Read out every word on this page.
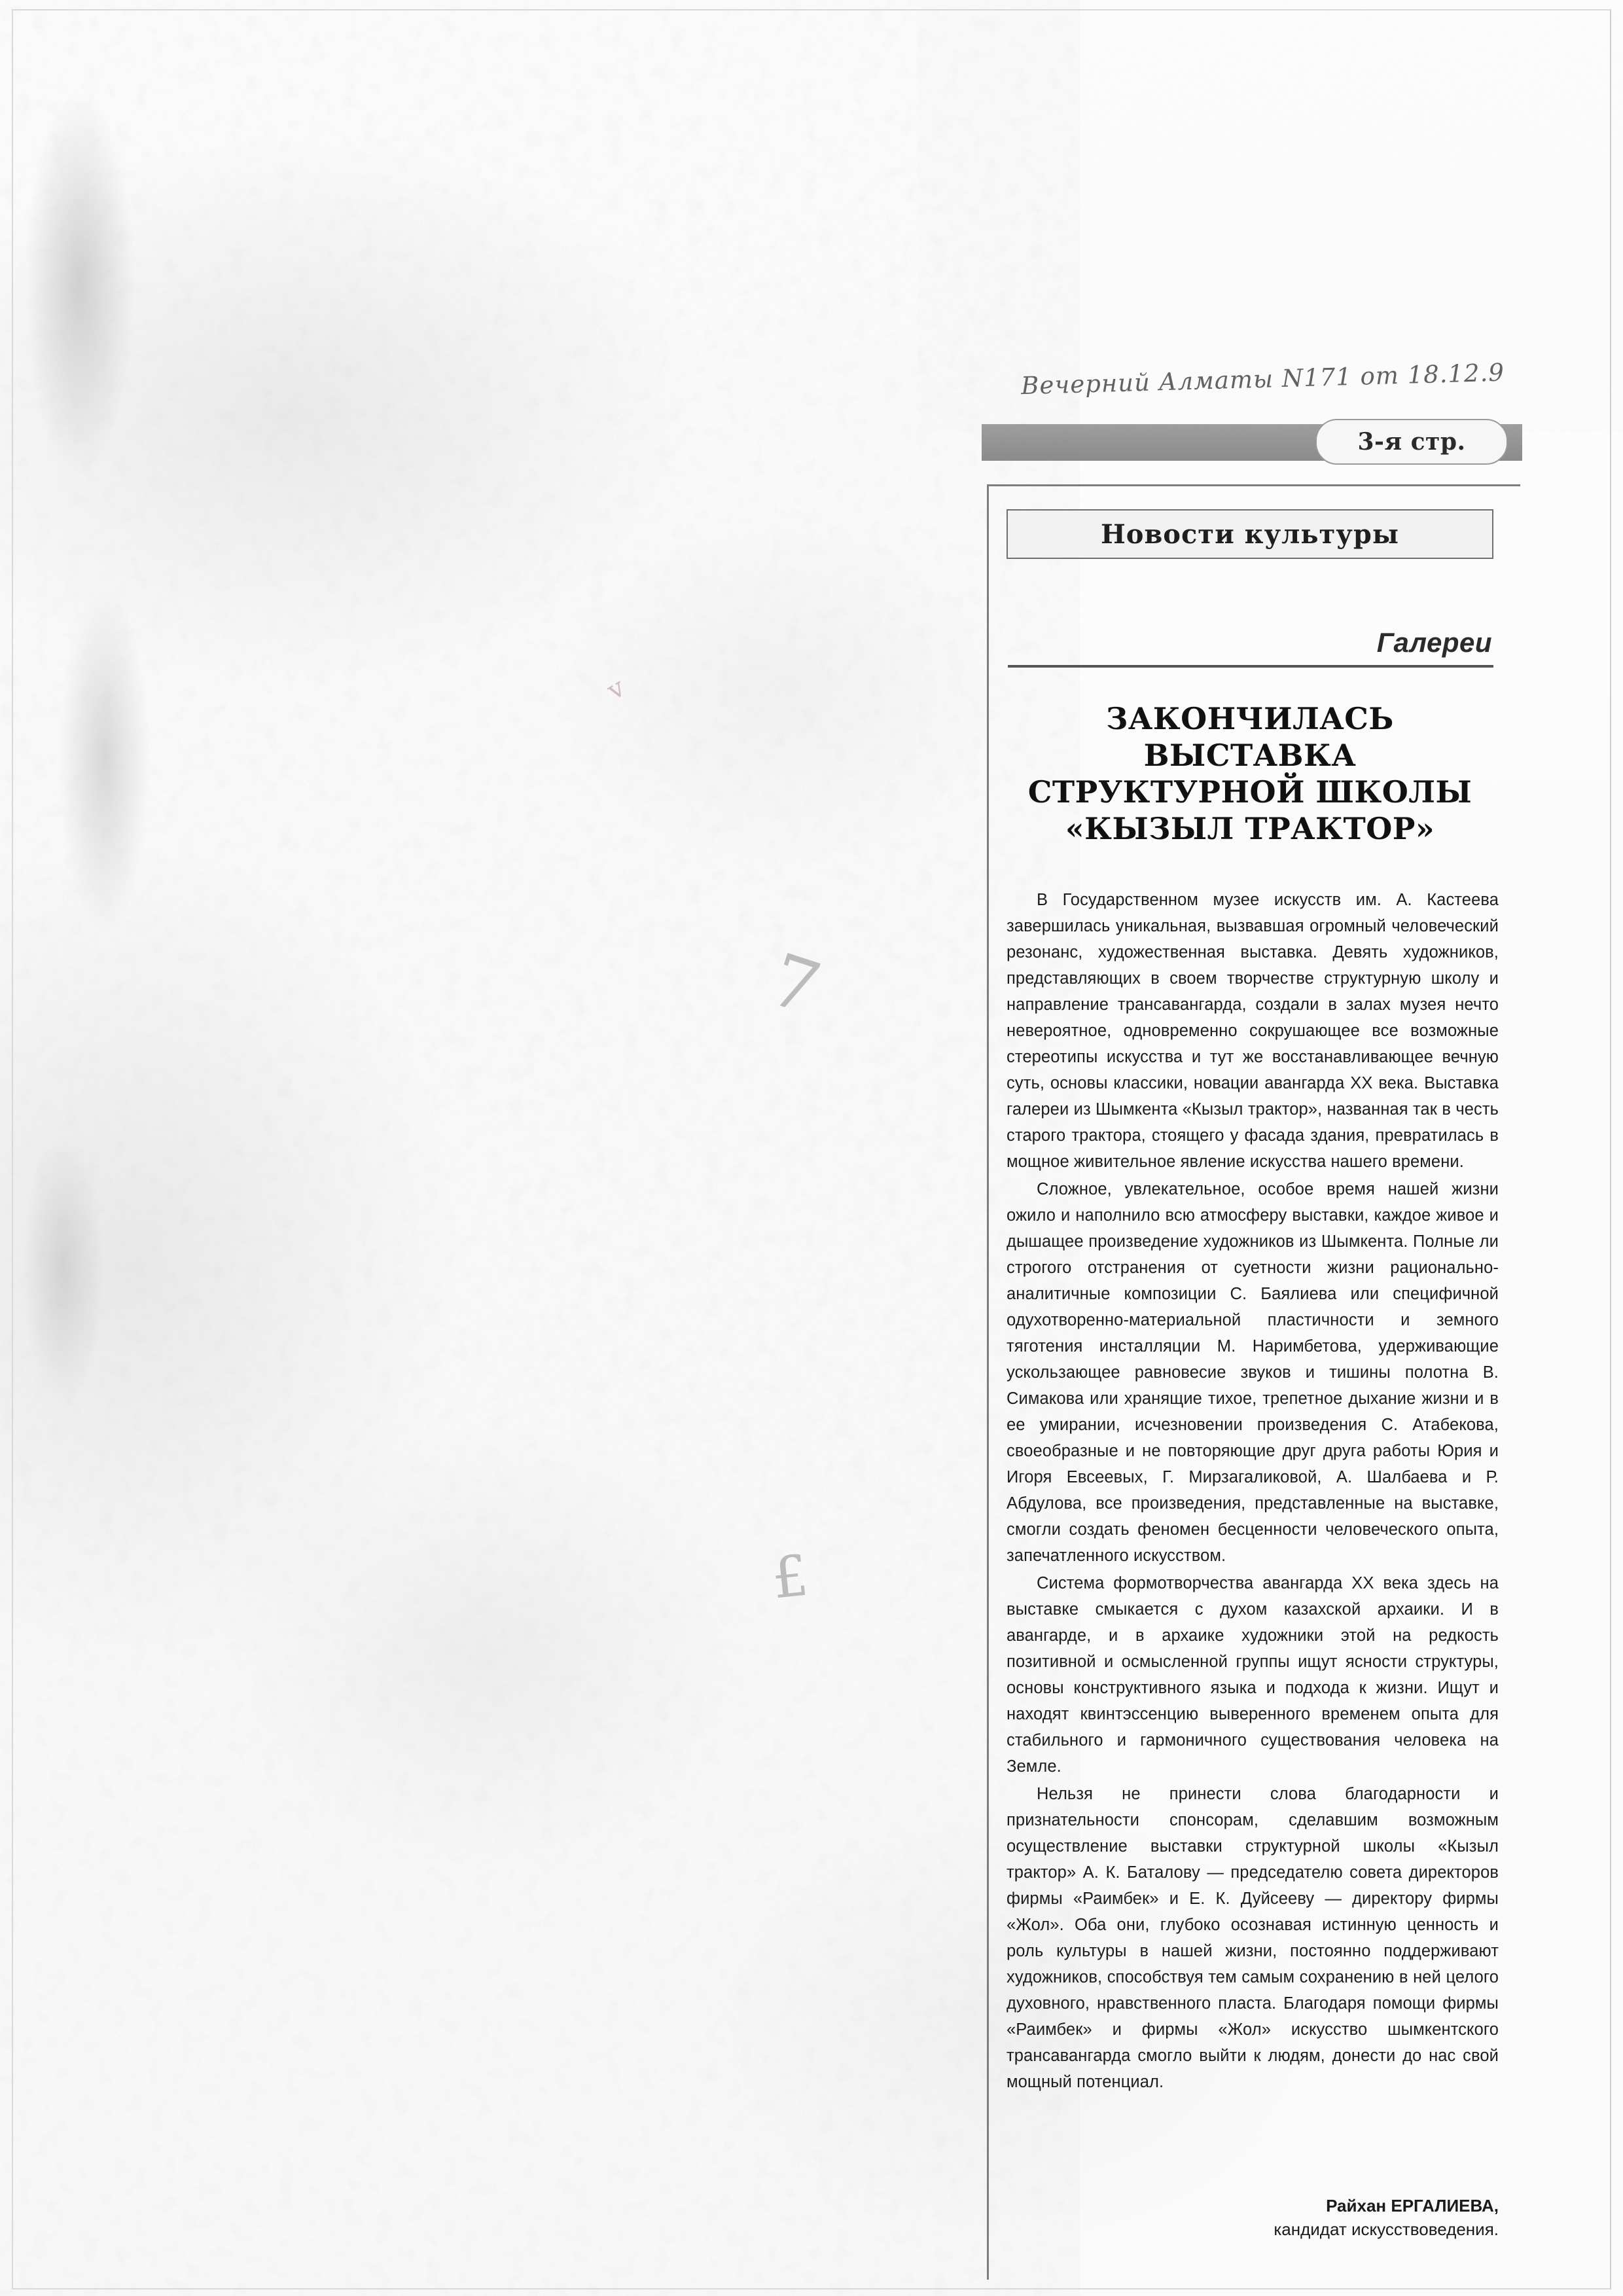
v
7
£
Вечерний Алматы N171 от 18.12.9
3-я стр.
Новости культуры
Галереи
ЗАКОНЧИЛАСЬ
ВЫСТАВКА
СТРУКТУРНОЙ ШКОЛЫ
«КЫЗЫЛ ТРАКТОР»

В Государственном музее искусств им. А. Кастеева завершилась уникальная, вызвавшая огромный человеческий резонанс, художественная выставка. Девять художников, представляющих в своем творчестве структурную школу и направление трансавангарда, создали в залах музея нечто невероятное, одновременно сокрушающее все возможные стереотипы искусства и тут же восстанавливающее вечную суть, основы классики, новации авангарда XX века. Выставка галереи из Шымкента «Кызыл трактор», названная так в честь старого трактора, стоящего у фасада здания, превратилась в мощное живительное явление искусства нашего времени.

Сложное, увлекательное, особое время нашей жизни ожило и наполнило всю атмосферу выставки, каждое живое и дышащее произведение художников из Шымкента. Полные ли строгого отстранения от суетности жизни рационально-аналитичные композиции С. Баялиева или специфичной одухотворенно-материальной пластичности и земного тяготения инсталляции М. Наримбетова, удерживающие ускользающее равновесие звуков и тишины полотна В. Симакова или хранящие тихое, трепетное дыхание жизни и в ее умирании, исчезновении произведения С. Атабекова, своеобразные и не повторяющие друг друга работы Юрия и Игоря Евсеевых, Г. Мирзагаликовой, А. Шалбаева и Р. Абдулова, все произведения, представленные на выставке, смогли создать феномен бесценности человеческого опыта, запечатленного искусством.

Система формотворчества авангарда XX века здесь на выставке смыкается с духом казахской архаики. И в авангарде, и в архаике художники этой на редкость позитивной и осмысленной группы ищут ясности структуры, основы конструктивного языка и подхода к жизни. Ищут и находят квинтэссенцию выверенного временем опыта для стабильного и гармоничного существования человека на Земле.

Нельзя не принести слова благодарности и признательности спонсорам, сделавшим возможным осуществление выставки структурной школы «Кызыл трактор» А. К. Баталову — председателю совета директоров фирмы «Раимбек» и Е. К. Дуйсееву — директору фирмы «Жол». Оба они, глубоко осознавая истинную ценность и роль культуры в нашей жизни, постоянно поддерживают художников, способствуя тем самым сохранению в ней целого духовного, нравственного пласта. Благодаря помощи фирмы «Раимбек» и фирмы «Жол» искусство шымкентского трансавангарда смогло выйти к людям, донести до нас свой мощный потенциал.

Райхан ЕРГАЛИЕВА,
кандидат искусствоведения.
